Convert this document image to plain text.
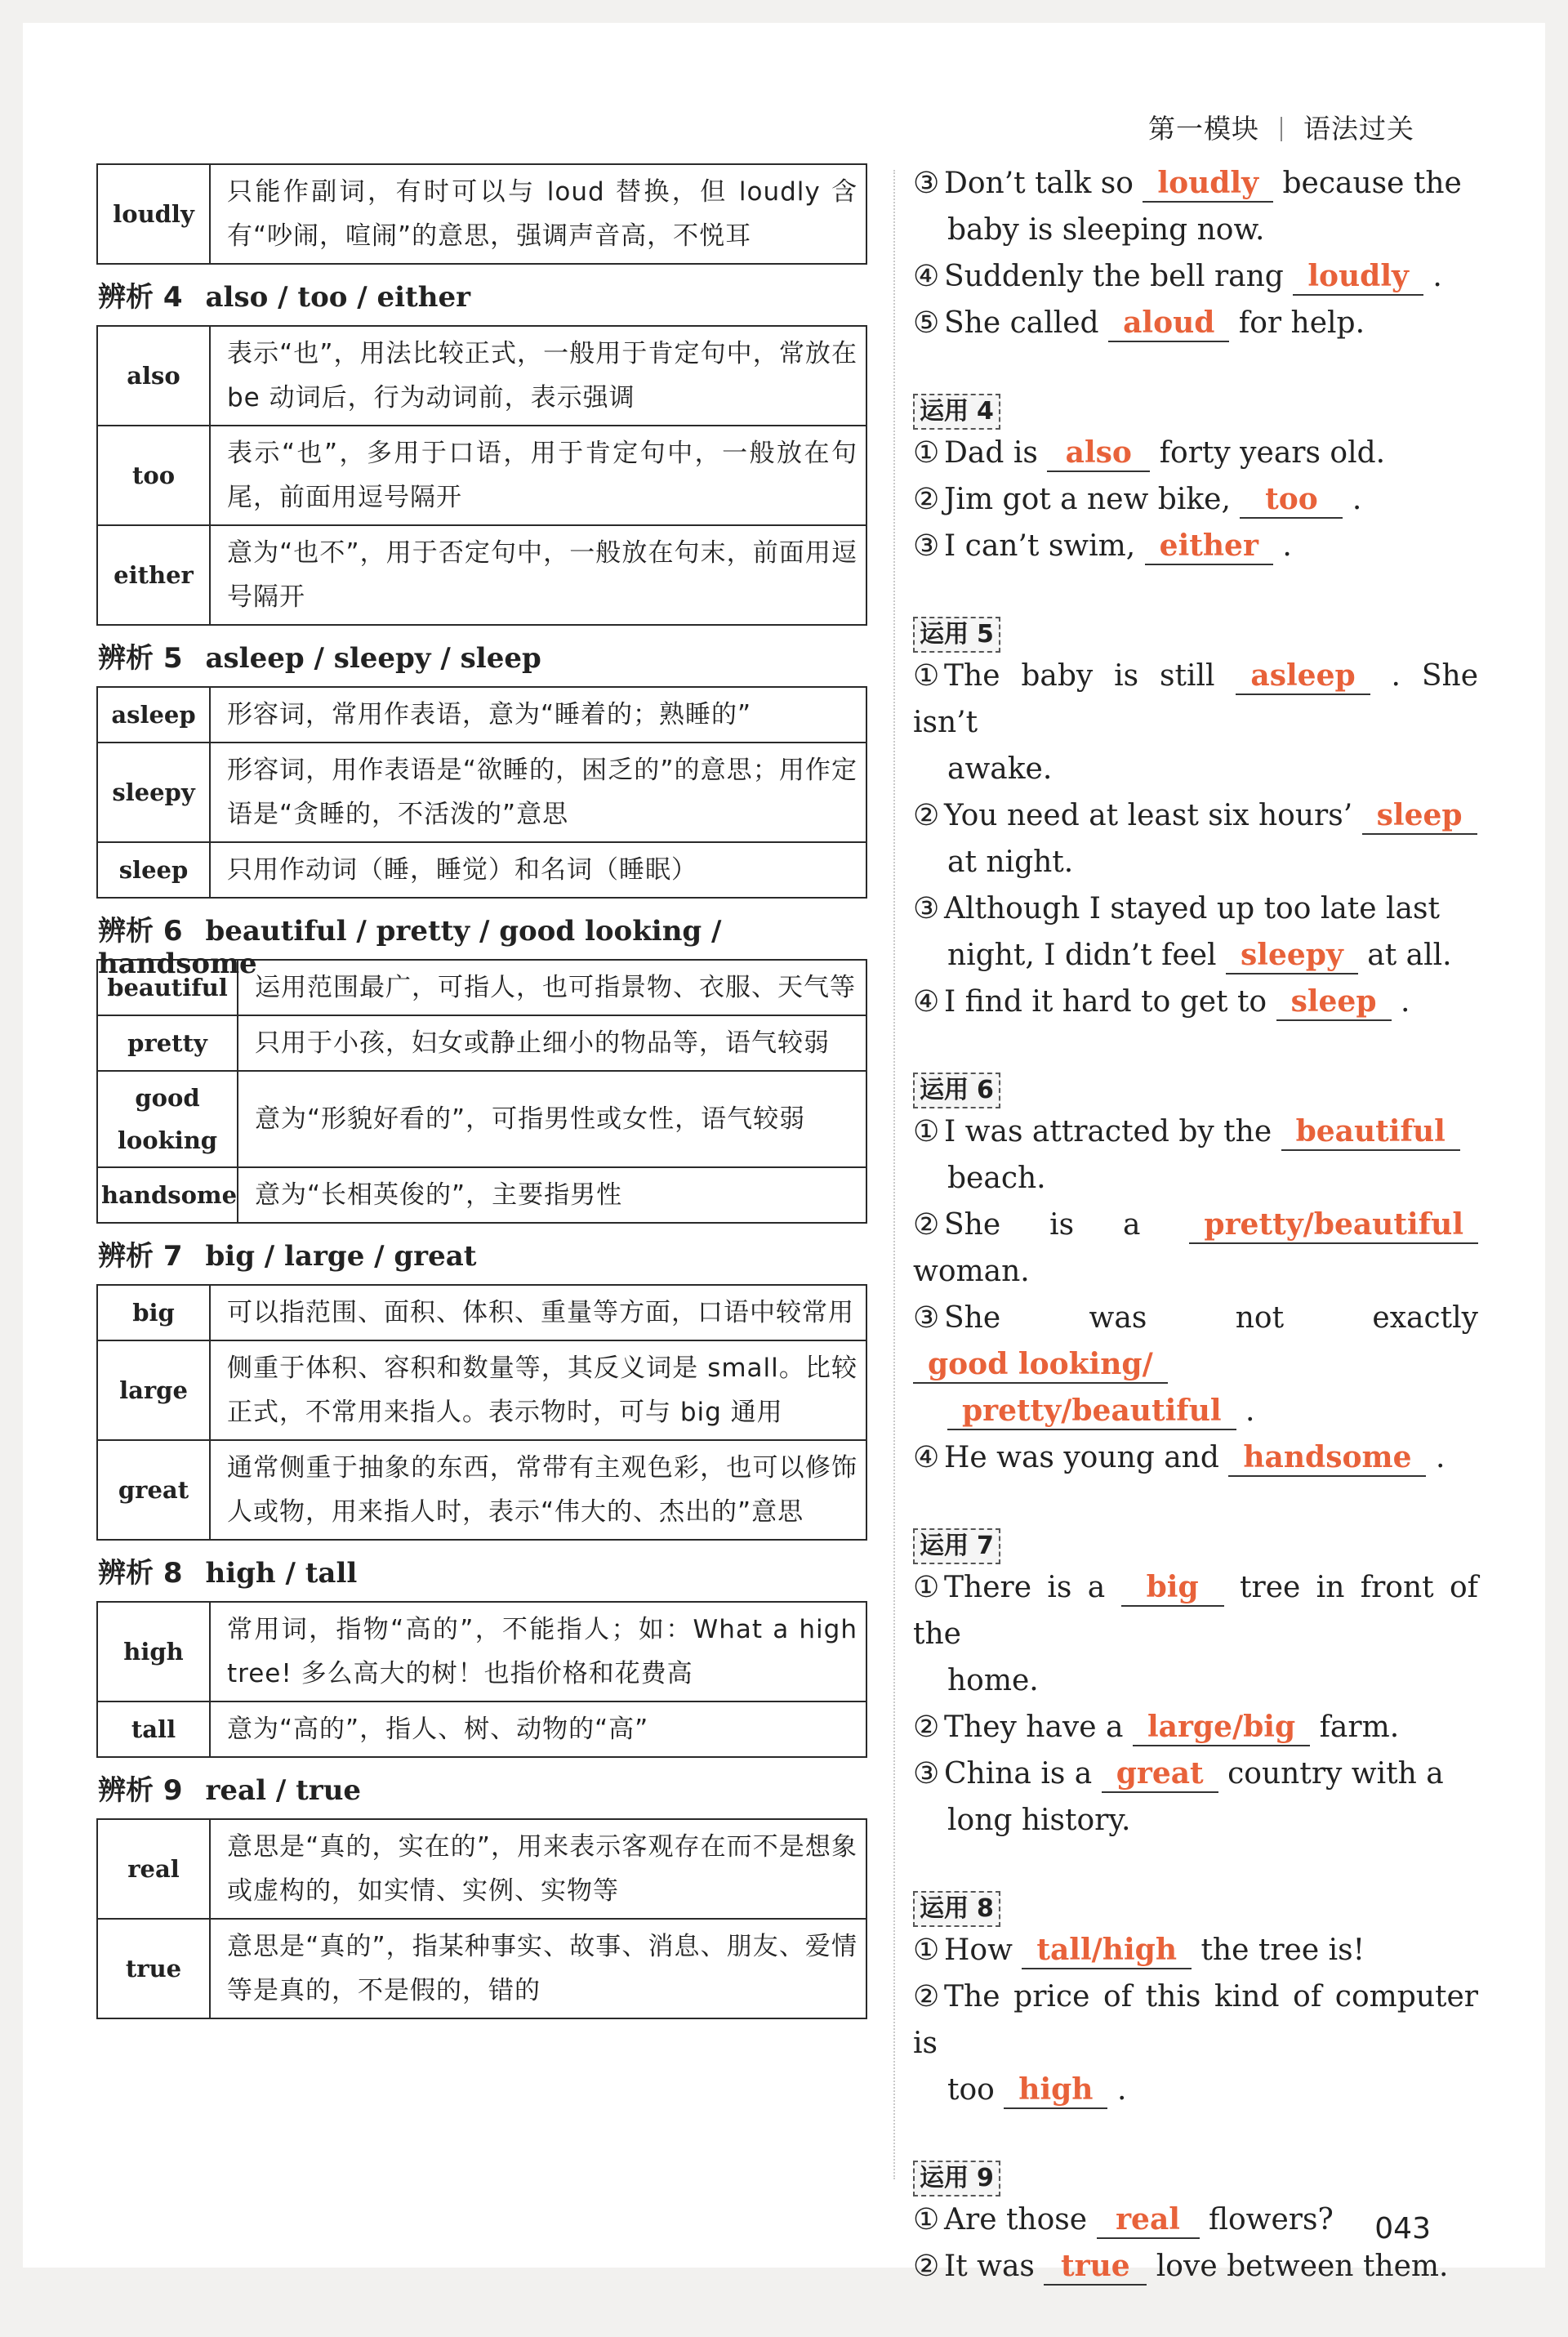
第一模块 语法过关
loudly	只能作副词，有时可以与 loud 替换，但 loudly 含有“吵闹，喧闹”的意思，强调声音高，不悦耳
辨析 4 also / too / either
also	表示“也”，用法比较正式，一般用于肯定句中，常放在 be 动词后，行为动词前，表示强调
too	表示“也”，多用于口语，用于肯定句中，一般放在句尾，前面用逗号隔开
either	意为“也不”，用于否定句中，一般放在句末，前面用逗号隔开
辨析 5 asleep / sleepy / sleep
asleep	形容词，常用作表语，意为“睡着的；熟睡的”
sleepy	形容词，用作表语是“欲睡的，困乏的”的意思；用作定语是“贪睡的，不活泼的”意思
sleep	只用作动词（睡，睡觉）和名词（睡眠）
辨析 6 beautiful / pretty / good looking / handsome
beautiful	运用范围最广，可指人，也可指景物、衣服、天气等
pretty	只用于小孩，妇女或静止细小的物品等，语气较弱
good looking	意为“形貌好看的”，可指男性或女性，语气较弱
handsome	意为“长相英俊的”，主要指男性
辨析 7 big / large / great
big	可以指范围、面积、体积、重量等方面，口语中较常用
large	侧重于体积、容积和数量等，其反义词是 small。比较正式，不常用来指人。表示物时，可与 big 通用
great	通常侧重于抽象的东西，常带有主观色彩，也可以修饰人或物，用来指人时，表示“伟大的、杰出的”意思
辨析 8 high / tall
high	常用词，指物“高的”，不能指人；如：What a high tree! 多么高大的树！也指价格和花费高
tall	意为“高的”，指人、树、动物的“高”
辨析 9 real / true
real	意思是“真的，实在的”，用来表示客观存在而不是想象或虚构的，如实情、实例、实物等
true	意思是“真的”，指某种事实、故事、消息、朋友、爱情等是真的，不是假的，错的
③ Don’t talk so loudly because the
baby is sleeping now.
④ Suddenly the bell rang loudly .
⑤ She called aloud for help.
运用 4
① Dad is also forty years old.
② Jim got a new bike, too .
③ I can’t swim, either .
运用 5
① The baby is still asleep . She isn’t
awake.
② You need at least six hours’ sleep
at night.
③ Although I stayed up too late last
night, I didn’t feel sleepy at all.
④ I find it hard to get to sleep .
运用 6
① I was attracted by the beautiful
beach.
② She is a pretty/beautiful woman.
③ She was not exactly good looking/
pretty/beautiful .
④ He was young and handsome .
运用 7
① There is a big tree in front of the
home.
② They have a large/big farm.
③ China is a great country with a
long history.
运用 8
① How tall/high the tree is!
② The price of this kind of computer is
too high .
运用 9
① Are those real flowers?
② It was true love between them.
043
